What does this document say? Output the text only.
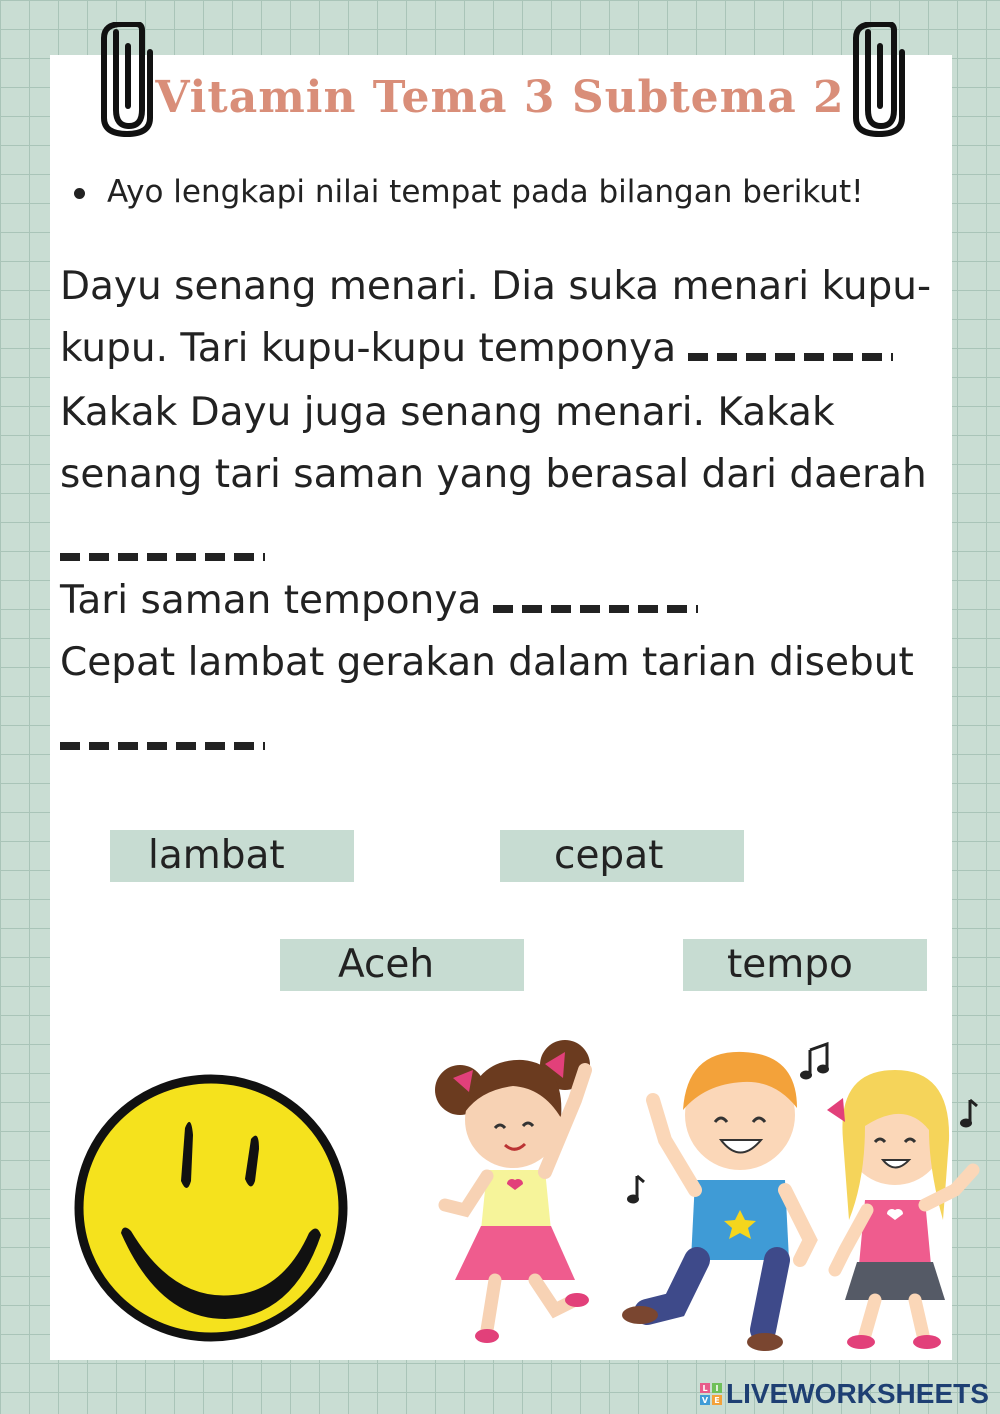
Vitamin Tema 3 Subtema 2
Ayo lengkapi nilai tempat pada bilangan berikut!
Dayu senang menari. Dia suka menari kupu-
kupu. Tari kupu-kupu temponya
Kakak Dayu juga senang menari. Kakak
senang tari saman yang berasal dari daerah
Tari saman temponya
Cepat lambat gerakan dalam tarian disebut
lambat	cepat
Aceh	tempo
L I
V E LIVEWORKSHEETS
